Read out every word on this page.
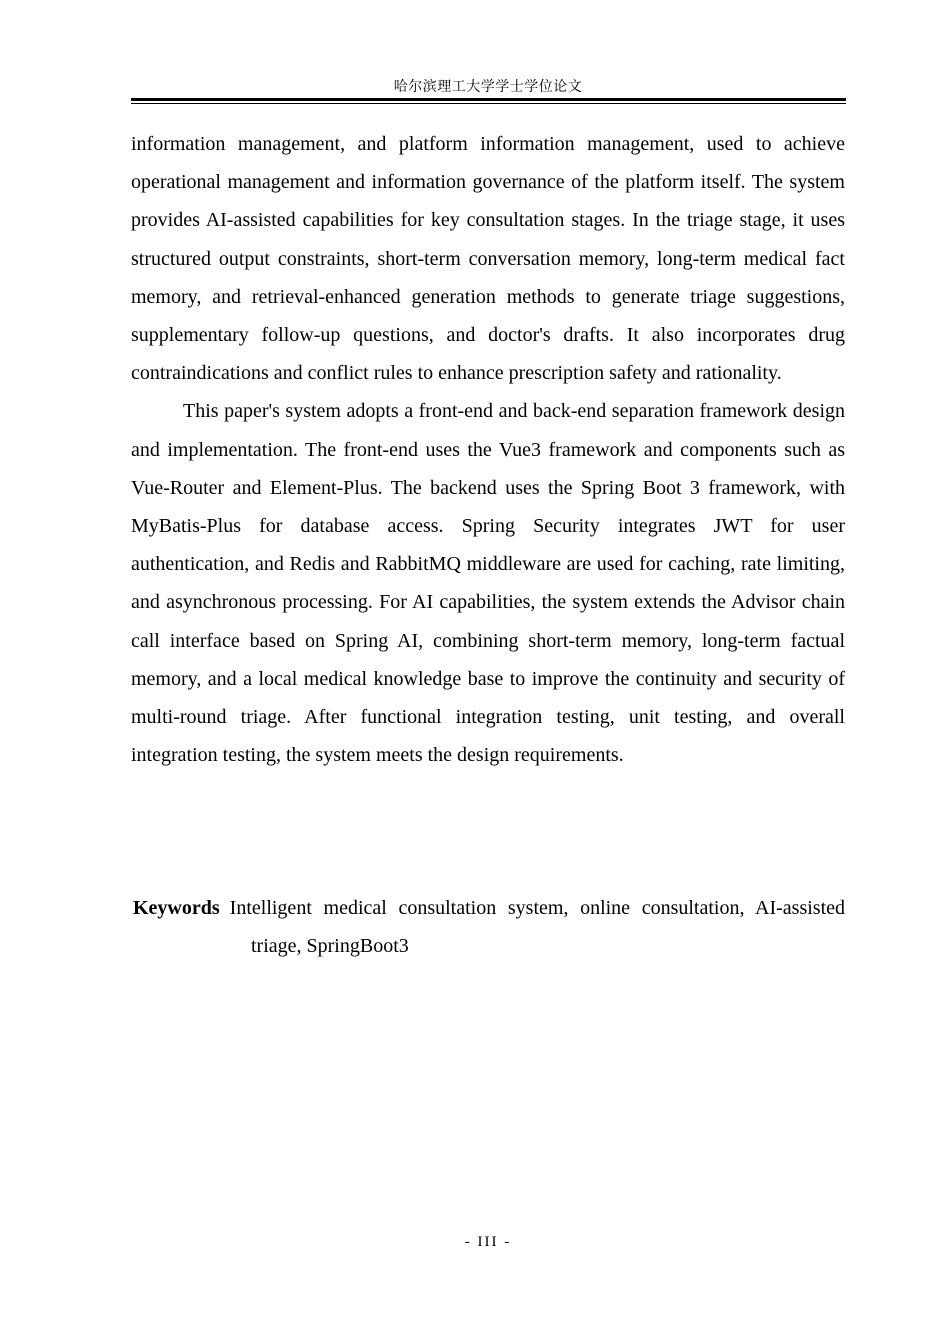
哈尔滨理工大学学士学位论文

information management, and platform information management, used to achieve operational management and information governance of the platform itself. The system provides AI-assisted capabilities for key consultation stages. In the triage stage, it uses structured output constraints, short-term conversation memory, long-term medical fact memory, and retrieval-enhanced generation methods to generate triage suggestions, supplementary follow-up questions, and doctor's drafts. It also incorporates drug contraindications and conflict rules to enhance prescription safety and rationality.

This paper's system adopts a front-end and back-end separation framework design and implementation. The front-end uses the Vue3 framework and components such as Vue-Router and Element-Plus. The backend uses the Spring Boot 3 framework, with MyBatis-Plus for database access. Spring Security integrates JWT for user authentication, and Redis and RabbitMQ middleware are used for caching, rate limiting, and asynchronous processing. For AI capabilities, the system extends the Advisor chain call interface based on Spring AI, combining short-term memory, long-term factual memory, and a local medical knowledge base to improve the continuity and security of multi-round triage. After functional integration testing, unit testing, and overall integration testing, the system meets the design requirements.

Keywords Intelligent medical consultation system, online consultation, AI-assisted triage, SpringBoot3
- III -
